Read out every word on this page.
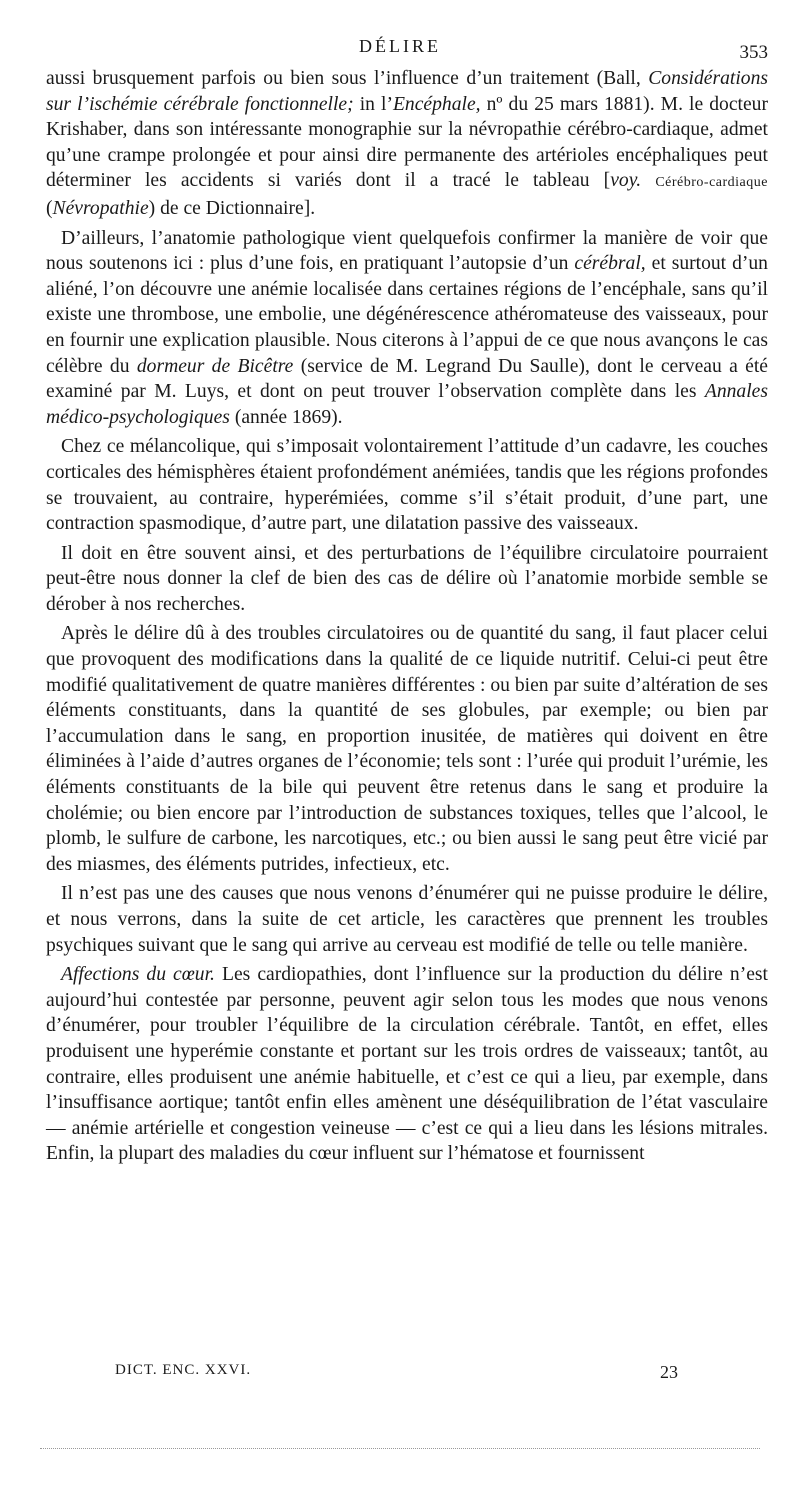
DÉLIRE	353

aussi brusquement parfois ou bien sous l’influence d’un traitement (Ball, Considérations sur l’ischémie cérébrale fonctionnelle; in l’Encéphale, nº du 25 mars 1881). M. le docteur Krishaber, dans son intéressante monographie sur la névropathie cérébro-cardiaque, admet qu’une crampe prolongée et pour ainsi dire permanente des artérioles encéphaliques peut déterminer les accidents si variés dont il a tracé le tableau [voy. Cérébro-cardiaque (Névropathie) de ce Dictionnaire].

D’ailleurs, l’anatomie pathologique vient quelquefois confirmer la manière de voir que nous soutenons ici : plus d’une fois, en pratiquant l’autopsie d’un cérébral, et surtout d’un aliéné, l’on découvre une anémie localisée dans certaines régions de l’encéphale, sans qu’il existe une thrombose, une embolie, une dégénérescence athéromateuse des vaisseaux, pour en fournir une explication plausible. Nous citerons à l’appui de ce que nous avançons le cas célèbre du dormeur de Bicêtre (service de M. Legrand Du Saulle), dont le cerveau a été examiné par M. Luys, et dont on peut trouver l’observation complète dans les Annales médico-psychologiques (année 1869).

Chez ce mélancolique, qui s’imposait volontairement l’attitude d’un cadavre, les couches corticales des hémisphères étaient profondément anémiées, tandis que les régions profondes se trouvaient, au contraire, hyperémiées, comme s’il s’était produit, d’une part, une contraction spasmodique, d’autre part, une dilatation passive des vaisseaux.

Il doit en être souvent ainsi, et des perturbations de l’équilibre circulatoire pourraient peut-être nous donner la clef de bien des cas de délire où l’anatomie morbide semble se dérober à nos recherches.

Après le délire dû à des troubles circulatoires ou de quantité du sang, il faut placer celui que provoquent des modifications dans la qualité de ce liquide nutritif. Celui-ci peut être modifié qualitativement de quatre manières différentes : ou bien par suite d’altération de ses éléments constituants, dans la quantité de ses globules, par exemple; ou bien par l’accumulation dans le sang, en proportion inusitée, de matières qui doivent en être éliminées à l’aide d’autres organes de l’économie; tels sont : l’urée qui produit l’urémie, les éléments constituants de la bile qui peuvent être retenus dans le sang et produire la cholémie; ou bien encore par l’introduction de substances toxiques, telles que l’alcool, le plomb, le sulfure de carbone, les narcotiques, etc.; ou bien aussi le sang peut être vicié par des miasmes, des éléments putrides, infectieux, etc.

Il n’est pas une des causes que nous venons d’énumérer qui ne puisse produire le délire, et nous verrons, dans la suite de cet article, les caractères que prennent les troubles psychiques suivant que le sang qui arrive au cerveau est modifié de telle ou telle manière.

Affections du cœur. Les cardiopathies, dont l’influence sur la production du délire n’est aujourd’hui contestée par personne, peuvent agir selon tous les modes que nous venons d’énumérer, pour troubler l’équilibre de la circulation cérébrale. Tantôt, en effet, elles produisent une hyperémie constante et portant sur les trois ordres de vaisseaux; tantôt, au contraire, elles produisent une anémie habituelle, et c’est ce qui a lieu, par exemple, dans l’insuffisance aortique; tantôt enfin elles amènent une déséquilibration de l’état vasculaire — anémie artérielle et congestion veineuse — c’est ce qui a lieu dans les lésions mitrales. Enfin, la plupart des maladies du cœur influent sur l’hématose et fournissent

DICT. ENC. XXVI.	23
